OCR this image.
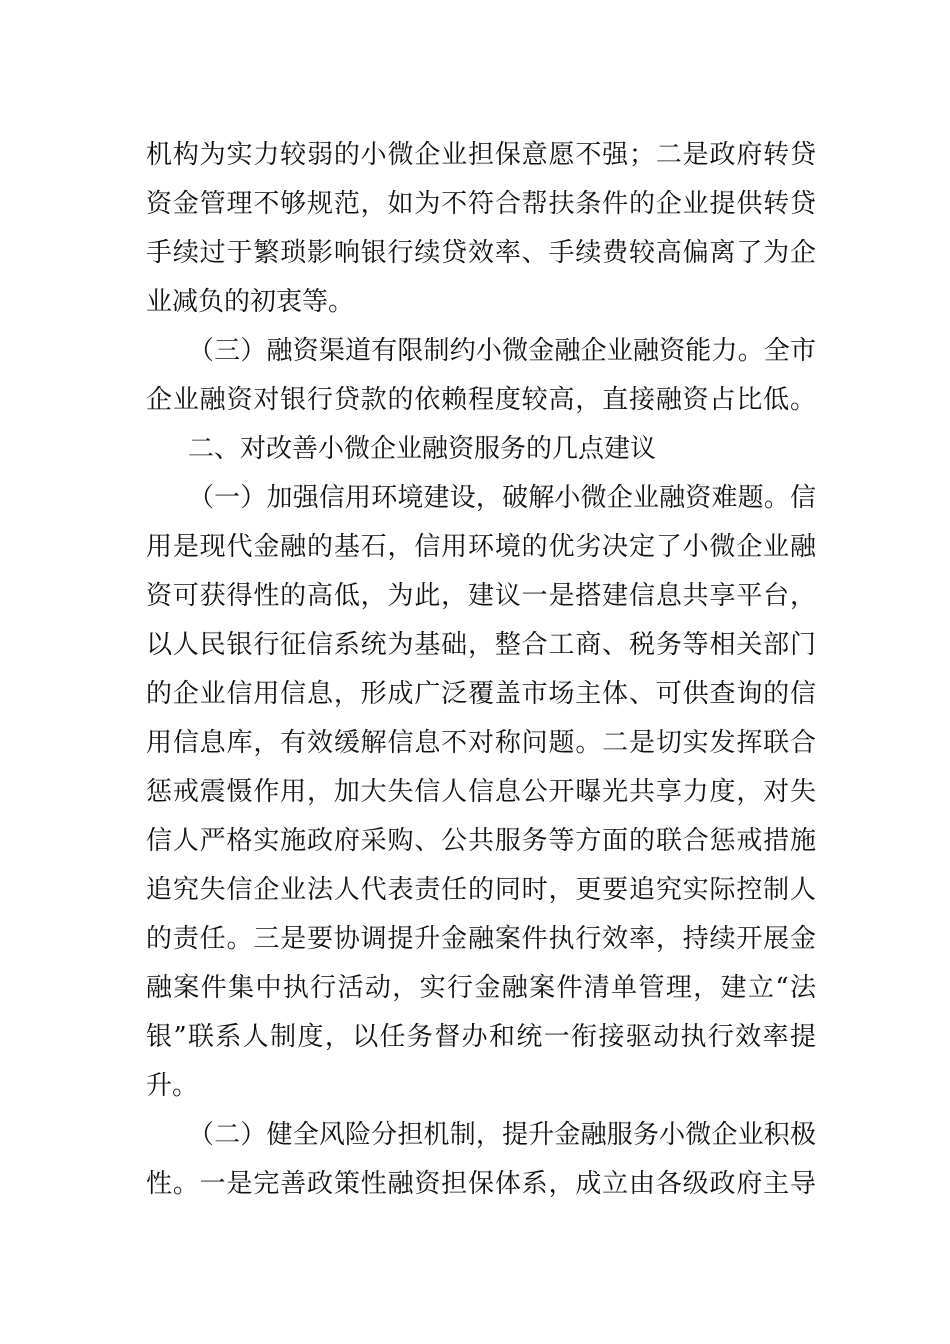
机构为实力较弱的小微企业担保意愿不强；二是政府转贷
资金管理不够规范，如为不符合帮扶条件的企业提供转贷
手续过于繁琐影响银行续贷效率、手续费较高偏离了为企
业减负的初衷等。
（三）融资渠道有限制约小微金融企业融资能力。全市
企业融资对银行贷款的依赖程度较高，直接融资占比低。
二、对改善小微企业融资服务的几点建议
（一）加强信用环境建设，破解小微企业融资难题。信
用是现代金融的基石，信用环境的优劣决定了小微企业融
资可获得性的高低，为此，建议一是搭建信息共享平台，
以人民银行征信系统为基础，整合工商、税务等相关部门
的企业信用信息，形成广泛覆盖市场主体、可供查询的信
用信息库，有效缓解信息不对称问题。二是切实发挥联合
惩戒震慑作用，加大失信人信息公开曝光共享力度，对失
信人严格实施政府采购、公共服务等方面的联合惩戒措施
追究失信企业法人代表责任的同时，更要追究实际控制人
的责任。三是要协调提升金融案件执行效率，持续开展金
融案件集中执行活动，实行金融案件清单管理，建立“法
银”联系人制度，以任务督办和统一衔接驱动执行效率提
升。
（二）健全风险分担机制，提升金融服务小微企业积极
性。一是完善政策性融资担保体系，成立由各级政府主导
